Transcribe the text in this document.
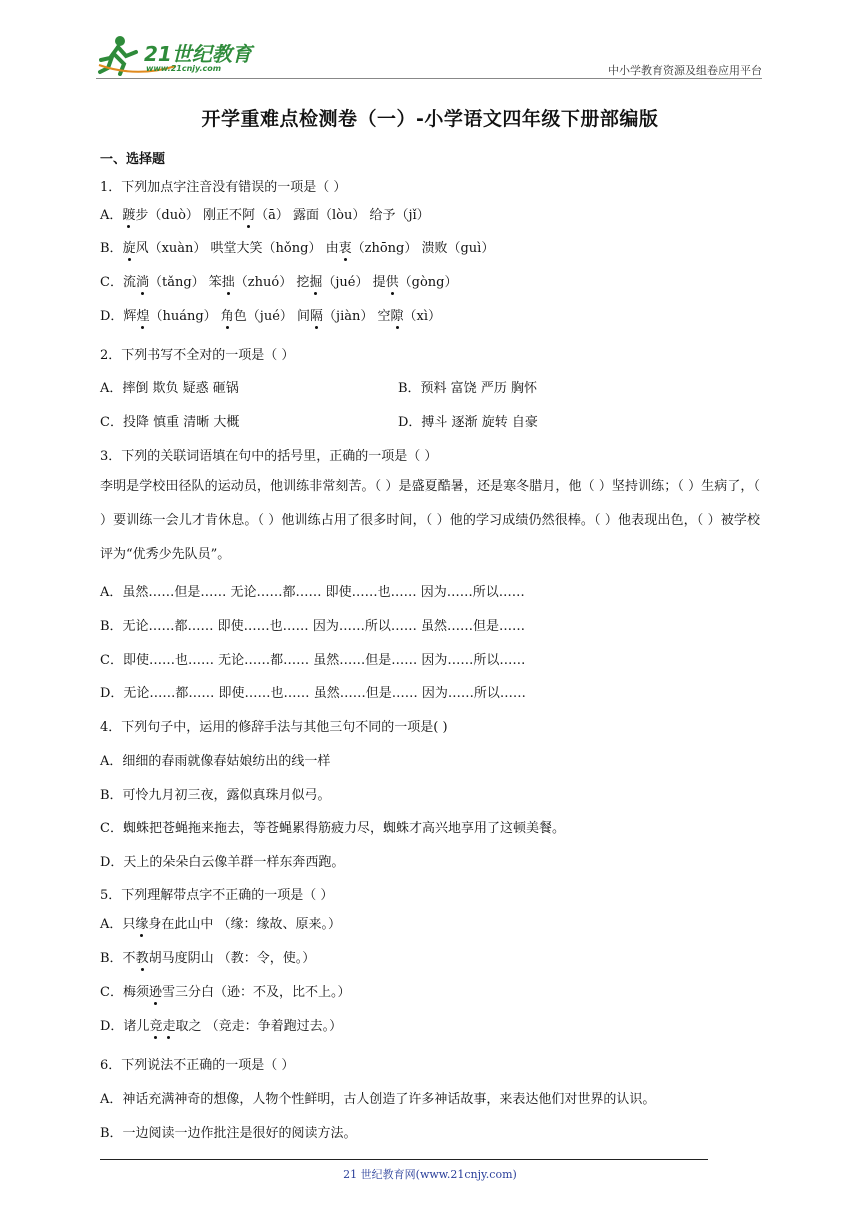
21世纪教育
www.21cnjy.com	中小学教育资源及组卷应用平台
开学重难点检测卷（一）-小学语文四年级下册部编版
一、选择题
1．下列加点字注音没有错误的一项是（ ）
A．踱步（duò） 刚正不阿（ā） 露面（lòu） 给予（jǐ）
B．旋风（xuàn） 哄堂大笑（hǒng） 由衷（zhōng） 溃败（guì）
C．流淌（tǎng） 笨拙（zhuó） 挖掘（jué） 提供（gòng）
D．辉煌（huáng） 角色（jué） 间隔（jiàn） 空隙（xì）
2．下列书写不全对的一项是（ ）
A．摔倒 欺负 疑惑 砸锅	B．预料 富饶 严历 胸怀
C．投降 慎重 清晰 大概	D．搏斗 逐渐 旋转 自豪
3．下列的关联词语填在句中的括号里，正确的一项是（ ）
李明是学校田径队的运动员，他训练非常刻苦。（ ）是盛夏酷暑，还是寒冬腊月，他（ ）坚持训练；（ ）生病了，（ ）要训练一会儿才肯休息。（ ）他训练占用了很多时间，（ ）他的学习成绩仍然很棒。（ ）他表现出色，（ ）被学校评为“优秀少先队员”。
A．虽然……但是…… 无论……都…… 即使……也…… 因为……所以……
B．无论……都…… 即使……也…… 因为……所以…… 虽然……但是……
C．即使……也…… 无论……都…… 虽然……但是…… 因为……所以……
D．无论……都…… 即使……也…… 虽然……但是…… 因为……所以……
4．下列句子中，运用的修辞手法与其他三句不同的一项是( )
A．细细的春雨就像春姑娘纺出的线一样
B．可怜九月初三夜，露似真珠月似弓。
C．蜘蛛把苍蝇拖来拖去，等苍蝇累得筋疲力尽，蜘蛛才高兴地享用了这顿美餐。
D．天上的朵朵白云像羊群一样东奔西跑。
5．下列理解带点字不正确的一项是（ ）
A．只缘身在此山中 （缘：缘故、原来。）
B．不教胡马度阴山 （教：令，使。）
C．梅须逊雪三分白（逊：不及，比不上。）
D．诸儿竞走取之 （竞走：争着跑过去。）
6．下列说法不正确的一项是（ ）
A．神话充满神奇的想像，人物个性鲜明，古人创造了许多神话故事，来表达他们对世界的认识。
B．一边阅读一边作批注是很好的阅读方法。
21 世纪教育网(www.21cnjy.com)
